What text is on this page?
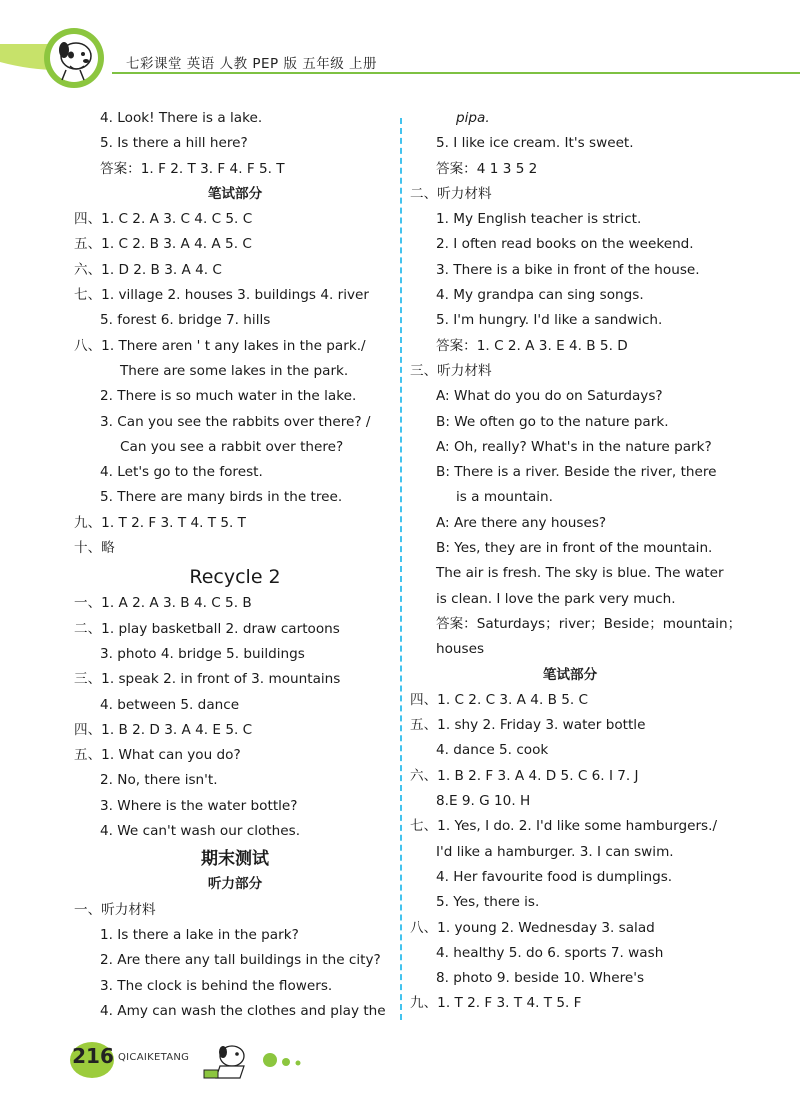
七彩课堂 英语 人教 PEP 版 五年级 上册
4. Look! There is a lake.
5. Is there a hill here?
答案：1. F 2. T 3. F 4. F 5. T
笔试部分
四、1. C 2. A 3. C 4. C 5. C
五、1. C 2. B 3. A 4. A 5. C
六、1. D 2. B 3. A 4. C
七、1. village 2. houses 3. buildings 4. river
5. forest 6. bridge 7. hills
八、1. There aren ' t any lakes in the park./
There are some lakes in the park.
2. There is so much water in the lake.
3. Can you see the rabbits over there? /
Can you see a rabbit over there?
4. Let's go to the forest.
5. There are many birds in the tree.
九、1. T 2. F 3. T 4. T 5. T
十、略
Recycle 2
一、1. A 2. A 3. B 4. C 5. B
二、1. play basketball 2. draw cartoons
3. photo 4. bridge 5. buildings
三、1. speak 2. in front of 3. mountains
4. between 5. dance
四、1. B 2. D 3. A 4. E 5. C
五、1. What can you do?
2. No, there isn't.
3. Where is the water bottle?
4. We can't wash our clothes.
期末测试
听力部分
一、听力材料
1. Is there a lake in the park?
2. Are there any tall buildings in the city?
3. The clock is behind the flowers.
4. Amy can wash the clothes and play the
pipa.
5. I like ice cream. It's sweet.
答案：4 1 3 5 2
二、听力材料
1. My English teacher is strict.
2. I often read books on the weekend.
3. There is a bike in front of the house.
4. My grandpa can sing songs.
5. I'm hungry. I'd like a sandwich.
答案：1. C 2. A 3. E 4. B 5. D
三、听力材料
A: What do you do on Saturdays?
B: We often go to the nature park.
A: Oh, really? What's in the nature park?
B: There is a river. Beside the river, there
is a mountain.
A: Are there any houses?
B: Yes, they are in front of the mountain.
The air is fresh. The sky is blue. The water
is clean. I love the park very much.
答案：Saturdays；river；Beside；mountain；
houses
笔试部分
四、1. C 2. C 3. A 4. B 5. C
五、1. shy 2. Friday 3. water bottle
4. dance 5. cook
六、1. B 2. F 3. A 4. D 5. C 6. I 7. J
8.E 9. G 10. H
七、1. Yes, I do. 2. I'd like some hamburgers./
I'd like a hamburger. 3. I can swim.
4. Her favourite food is dumplings.
5. Yes, there is.
八、1. young 2. Wednesday 3. salad
4. healthy 5. do 6. sports 7. wash
8. photo 9. beside 10. Where's
九、1. T 2. F 3. T 4. T 5. F
216 QICAIKETANG
